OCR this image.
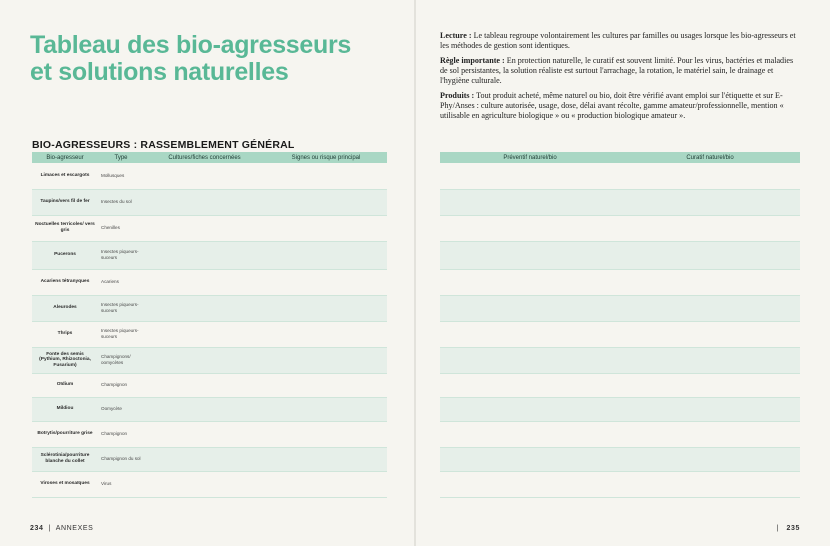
Tableau des bio-agresseurs
et solutions naturelles
BIO-AGRESSEURS : RASSEMBLEMENT GÉNÉRAL
Bio-agresseur	Type	Cultures/fiches concernées	Signes ou risque principal
Limaces et escargots	Mollusques		
Taupins/vers fil de fer	Insectes du sol		
Noctuelles terricoles/ vers gris	Chenilles		
Pucerons	Insectes piqueurs-suceurs		
Acariens tétranyques	Acariens		
Aleurodes	Insectes piqueurs-suceurs		
Thrips	Insectes piqueurs-suceurs		
Fonte des semis (Pythium, Rhizoctonia, Fusarium)	Champignons/ oomycètes		
Oïdium	Champignon		
Mildiou	Oomycète		
Botrytis/pourriture grise	Champignon		
Sclérotinia/pourriture blanche du collet	Champignon du sol		
Viroses et mosaïques	Virus		
234  |  ANNEXES

Lecture : Le tableau regroupe volontairement les cultures par familles ou usages lorsque les bio-agresseurs et les méthodes de gestion sont identiques.

Règle importante : En protection naturelle, le curatif est souvent limité. Pour les virus, bactéries et maladies de sol persistantes, la solution réaliste est surtout l'arrachage, la rotation, le matériel sain, le drainage et l'hygiène culturale.

Produits : Tout produit acheté, même naturel ou bio, doit être vérifié avant emploi sur l'étiquette et sur E-Phy/Anses : culture autorisée, usage, dose, délai avant récolte, gamme amateur/professionnelle, mention « utilisable en agriculture biologique » ou « production biologique amateur ».

Préventif naturel/bio	Curatif naturel/bio

|   235
